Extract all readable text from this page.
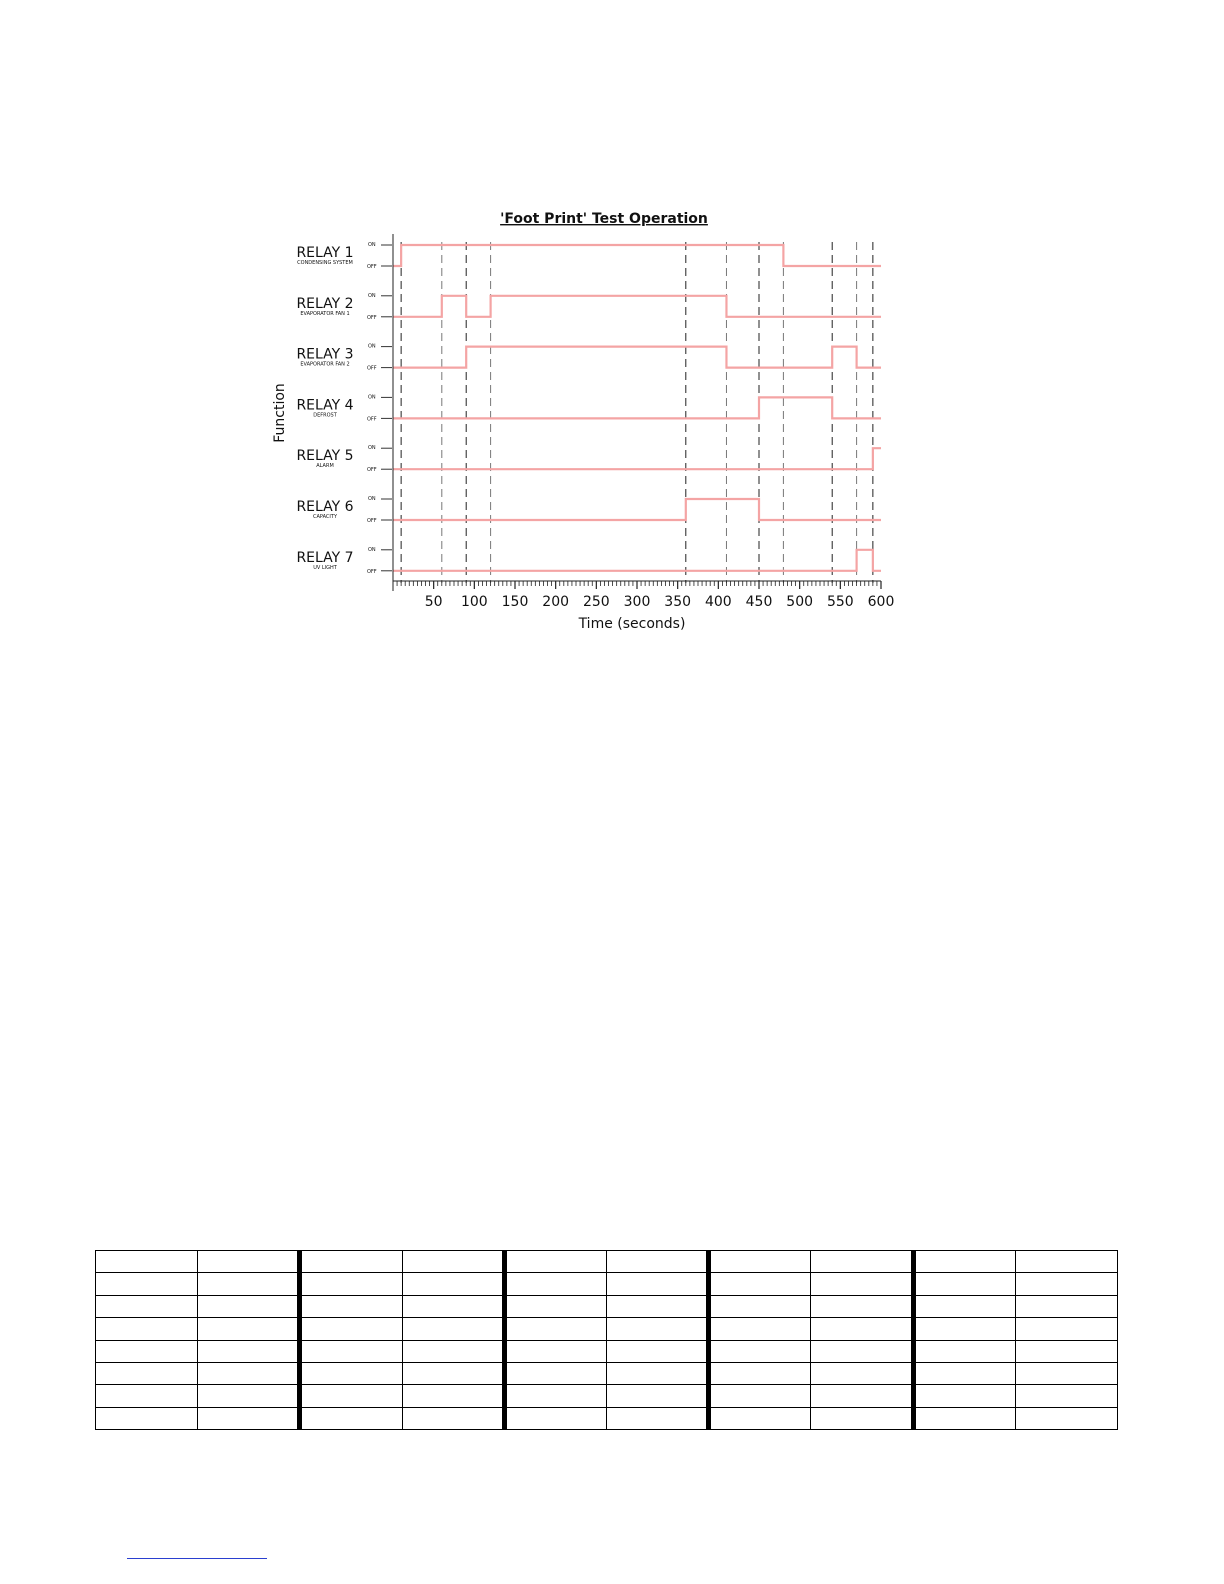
'Foot Print' Test Operation
RELAY 1
CONDENSING SYSTEM
ON
OFF
RELAY 2
EVAPORATOR FAN 1
ON
OFF
RELAY 3
EVAPORATOR FAN 2
ON
OFF
RELAY 4
DEFROST
ON
OFF
RELAY 5
ALARM
ON
OFF
RELAY 6
CAPACITY
ON
OFF
RELAY 7
UV LIGHT
ON
OFF
50 100 150 200 250 300 350 400 450 500 550 600
Time (seconds)
Function
